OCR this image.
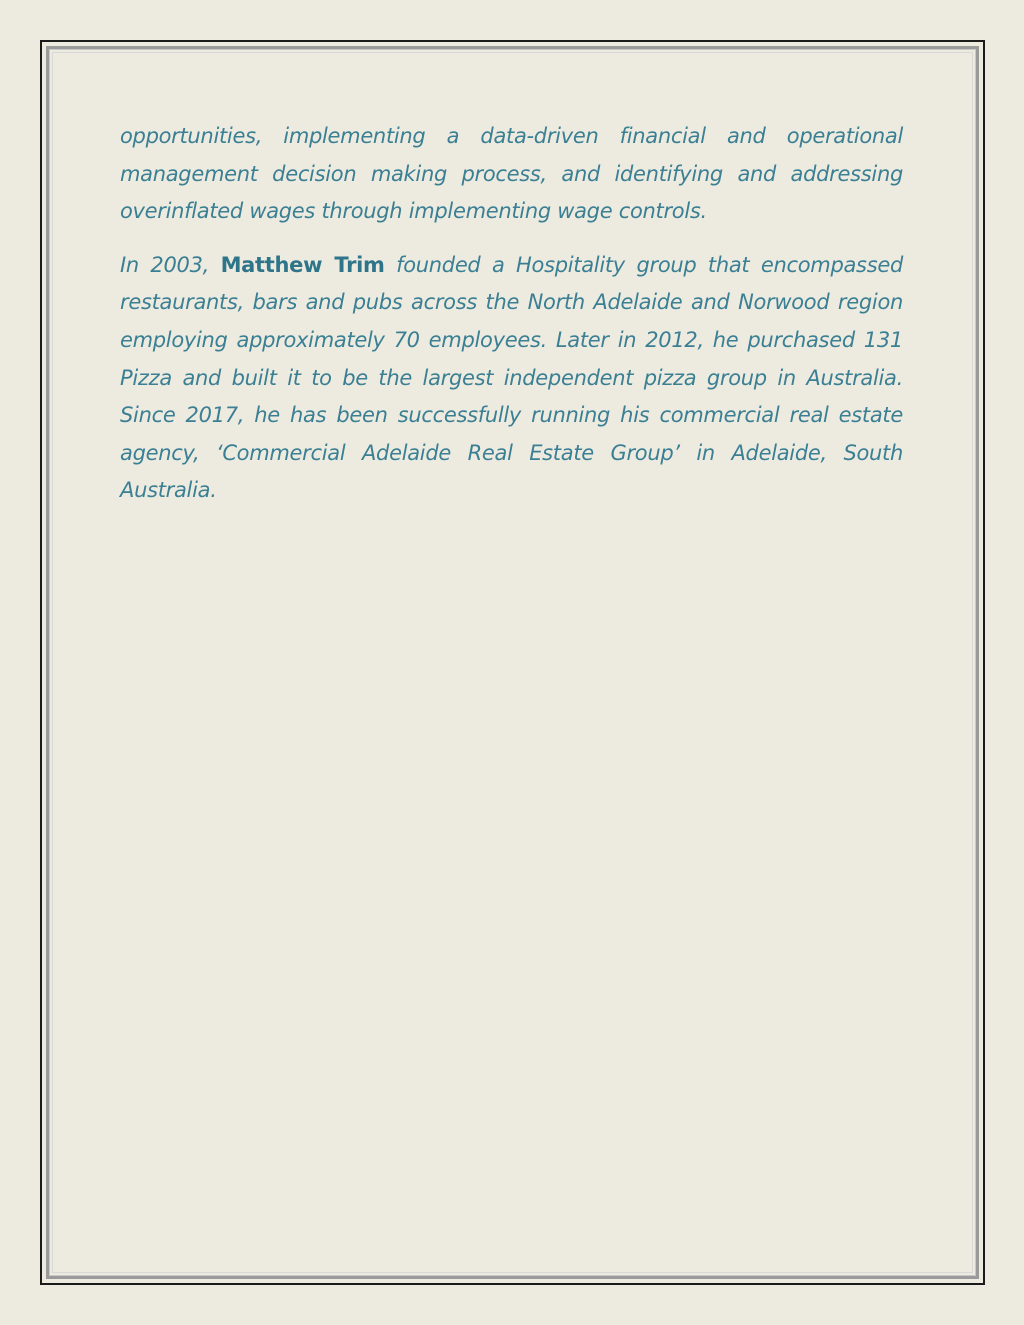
opportunities, implementing a data-driven financial and operational management decision making process, and identifying and addressing overinflated wages through implementing wage controls.

In 2003, Matthew Trim founded a Hospitality group that encompassed restaurants, bars and pubs across the North Adelaide and Norwood region employing approximately 70 employees. Later in 2012, he purchased 131 Pizza and built it to be the largest independent pizza group in Australia. Since 2017, he has been successfully running his commercial real estate agency, ‘Commercial Adelaide Real Estate Group’ in Adelaide, South Australia.
